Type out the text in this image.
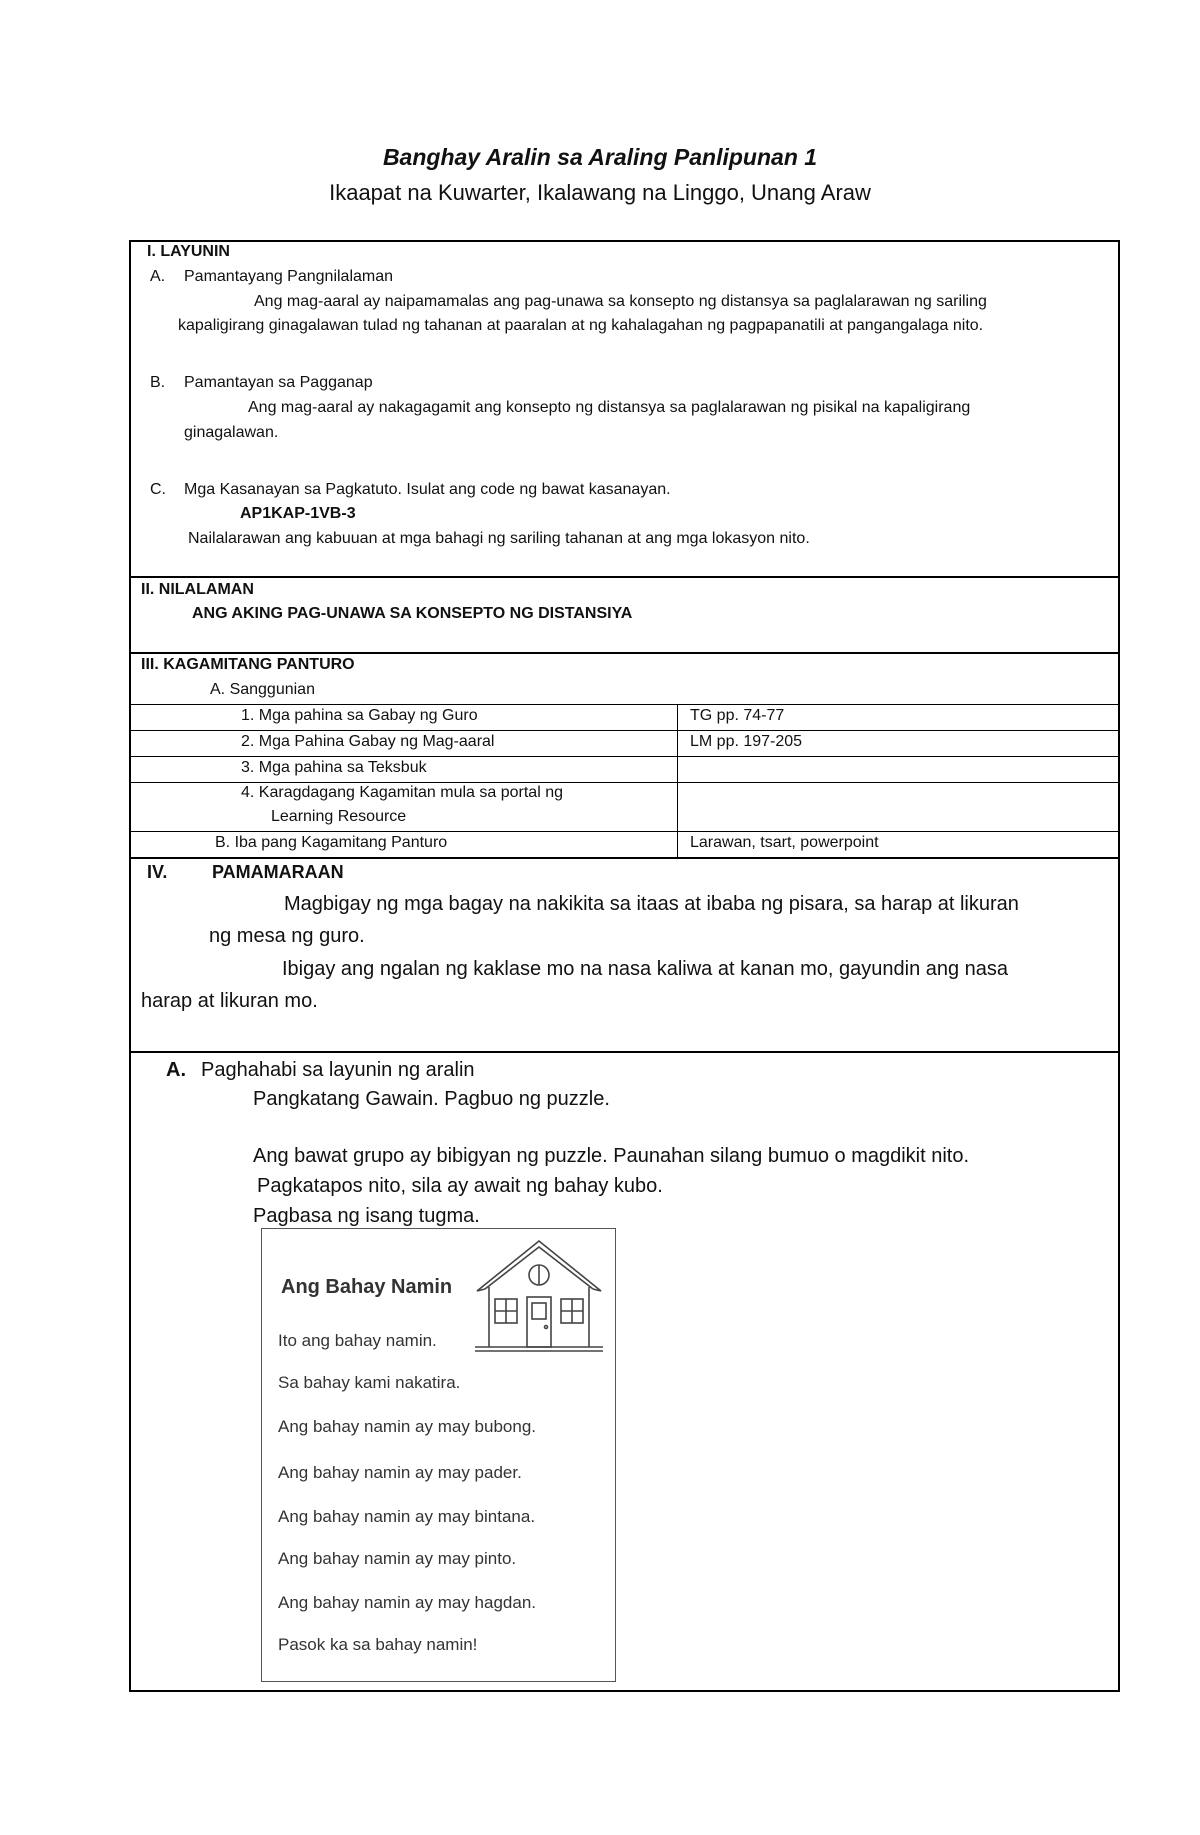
Banghay Aralin sa Araling Panlipunan 1
Ikaapat na Kuwarter, Ikalawang na Linggo, Unang Araw
I. LAYUNIN
A. Pamantayang Pangnilalaman
Ang mag-aaral ay naipamamalas ang pag-unawa sa konsepto ng distansya sa paglalarawan ng sariling
kapaligirang ginagalawan tulad ng tahanan at paaralan at ng kahalagahan ng pagpapanatili at pangangalaga nito.
B. Pamantayan sa Pagganap
Ang mag-aaral ay nakagagamit ang konsepto ng distansya sa paglalarawan ng pisikal na kapaligirang
ginagalawan.
C. Mga Kasanayan sa Pagkatuto. Isulat ang code ng bawat kasanayan.
AP1KAP-1VB-3
Nailalarawan ang kabuuan at mga bahagi ng sariling tahanan at ang mga lokasyon nito.
II. NILALAMAN
ANG AKING PAG-UNAWA SA KONSEPTO NG DISTANSIYA
III. KAGAMITANG PANTURO
A. Sanggunian
1. Mga pahina sa Gabay ng Guro	TG pp. 74-77
2. Mga Pahina Gabay ng Mag-aaral	LM pp. 197-205
3. Mga pahina sa Teksbuk
4. Karagdagang Kagamitan mula sa portal ng
Learning Resource
B. Iba pang Kagamitang Panturo	Larawan, tsart, powerpoint
IV. PAMAMARAAN
Magbigay ng mga bagay na nakikita sa itaas at ibaba ng pisara, sa harap at likuran
ng mesa ng guro.
Ibigay ang ngalan ng kaklase mo na nasa kaliwa at kanan mo, gayundin ang nasa
harap at likuran mo.
A. Paghahabi sa layunin ng aralin
Pangkatang Gawain. Pagbuo ng puzzle.
Ang bawat grupo ay bibigyan ng puzzle. Paunahan silang bumuo o magdikit nito.
Pagkatapos nito, sila ay await ng bahay kubo.
Pagbasa ng isang tugma.
Ang Bahay Namin
Ito ang bahay namin.
Sa bahay kami nakatira.
Ang bahay namin ay may bubong.
Ang bahay namin ay may pader.
Ang bahay namin ay may bintana.
Ang bahay namin ay may pinto.
Ang bahay namin ay may hagdan.
Pasok ka sa bahay namin!
